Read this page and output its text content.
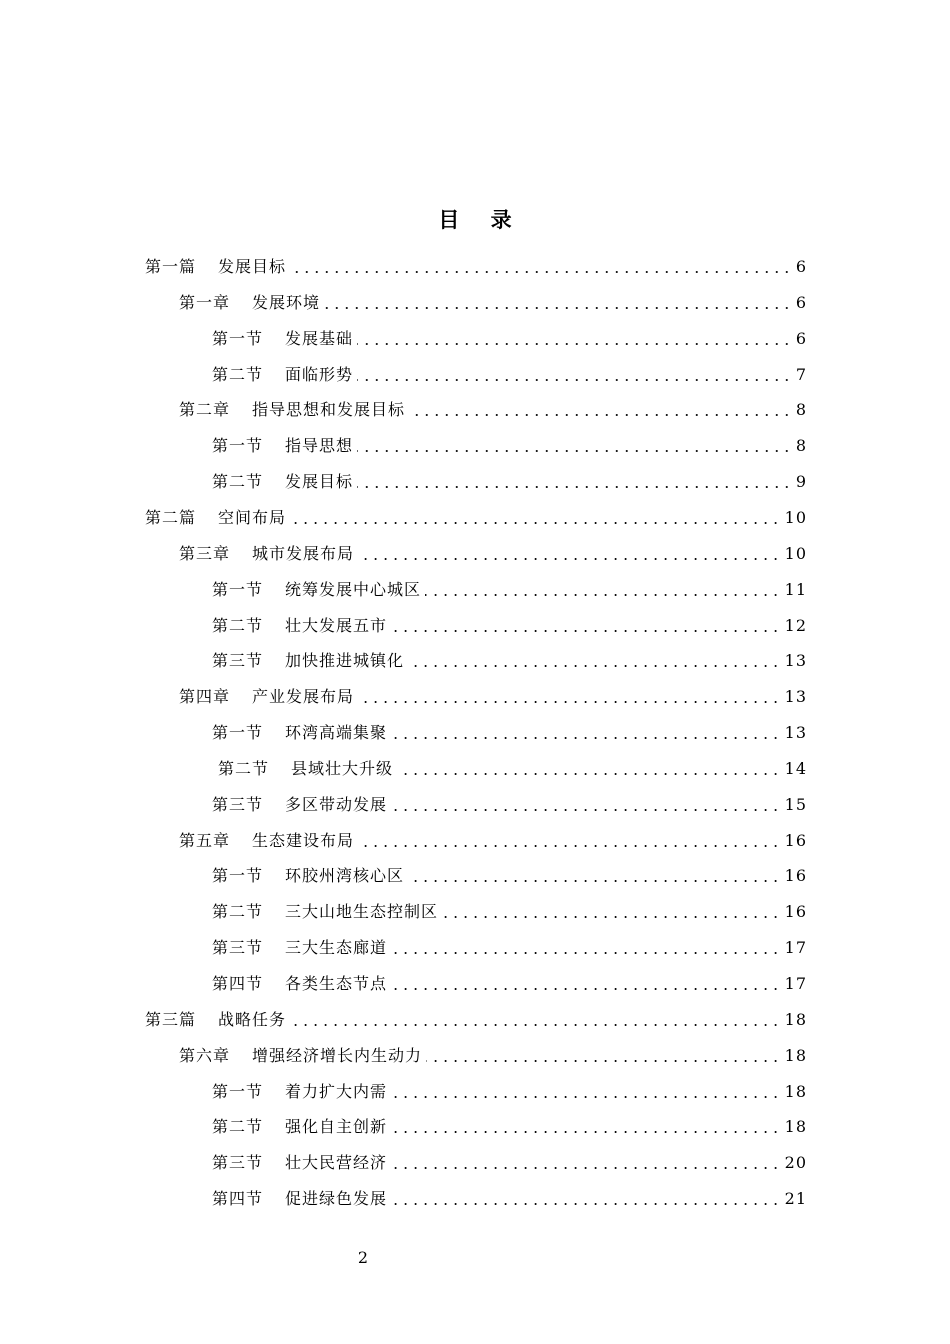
目 录
第一篇 发展目标	6
第一章 发展环境	6
第一节 发展基础	6
第二节 面临形势	7
第二章 指导思想和发展目标	8
第一节 指导思想	8
第二节 发展目标	9
第二篇 空间布局	10
第三章 城市发展布局	10
第一节 统筹发展中心城区	11
第二节 壮大发展五市	12
第三节 加快推进城镇化	13
第四章 产业发展布局	13
第一节 环湾高端集聚	13
第二节 县域壮大升级	14
第三节 多区带动发展	15
第五章 生态建设布局	16
第一节 环胶州湾核心区	16
第二节 三大山地生态控制区	16
第三节 三大生态廊道	17
第四节 各类生态节点	17
第三篇 战略任务	18
第六章 增强经济增长内生动力	18
第一节 着力扩大内需	18
第二节 强化自主创新	18
第三节 壮大民营经济	20
第四节 促进绿色发展	21
2
